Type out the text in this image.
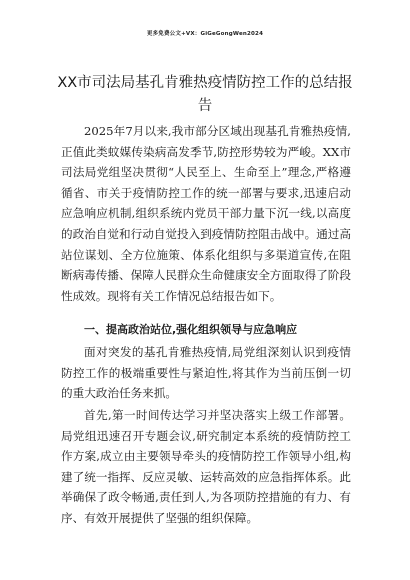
更多免费公文+VX：GiGeGongWen2024
XX市司法局基孔肯雅热疫情防控工作的总结报告

2025年7月以来,我市部分区域出现基孔肯雅热疫情,正值此类蚊媒传染病高发季节,防控形势较为严峻。XX市司法局党组坚决贯彻“人民至上、生命至上”理念,严格遵循省、市关于疫情防控工作的统一部署与要求,迅速启动应急响应机制,组织系统内党员干部力量下沉一线,以高度的政治自觉和行动自觉投入到疫情防控阻击战中。通过高站位谋划、全方位施策、体系化组织与多渠道宣传,在阻断病毒传播、保障人民群众生命健康安全方面取得了阶段性成效。现将有关工作情况总结报告如下。

一、提高政治站位,强化组织领导与应急响应

面对突发的基孔肯雅热疫情,局党组深刻认识到疫情防控工作的极端重要性与紧迫性,将其作为当前压倒一切的重大政治任务来抓。

首先,第一时间传达学习并坚决落实上级工作部署。局党组迅速召开专题会议,研究制定本系统的疫情防控工作方案,成立由主要领导牵头的疫情防控工作领导小组,构建了统一指挥、反应灵敏、运转高效的应急指挥体系。此举确保了政令畅通,责任到人,为各项防控措施的有力、有序、有效开展提供了坚强的组织保障。
